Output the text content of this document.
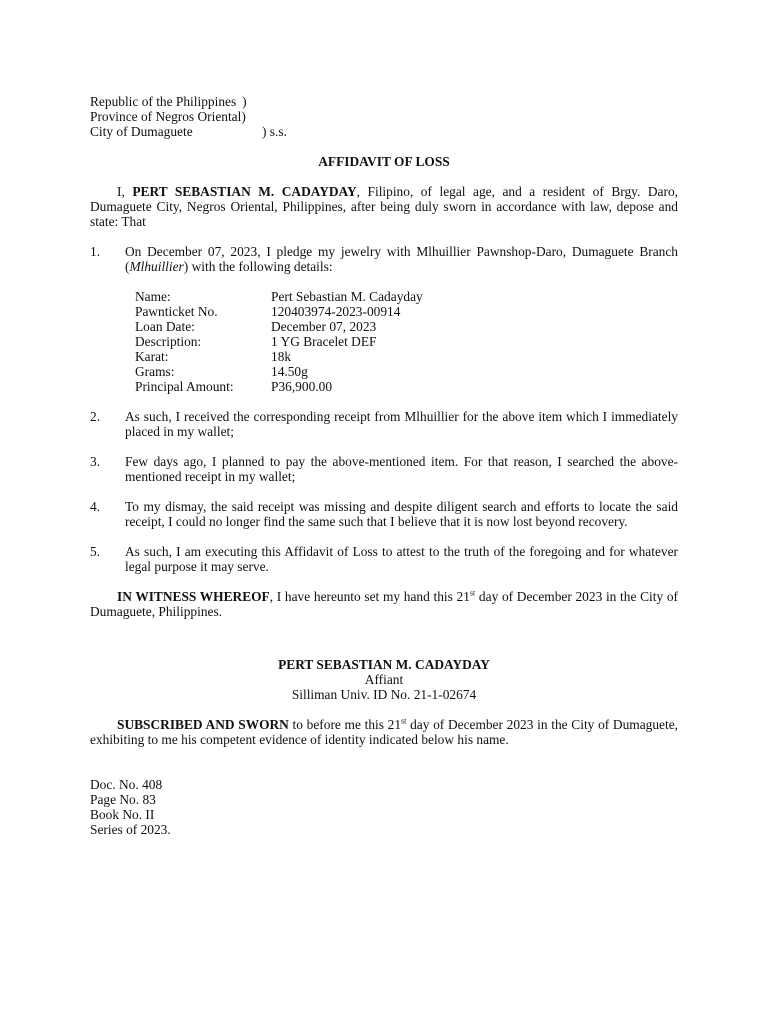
Republic of the Philippines )
Province of Negros Oriental)
City of Dumaguete	) s.s.
AFFIDAVIT OF LOSS
I, PERT SEBASTIAN M. CADAYDAY, Filipino, of legal age, and a resident of Brgy. Daro, Dumaguete City, Negros Oriental, Philippines, after being duly sworn in accordance with law, depose and state: That
1.	On December 07, 2023, I pledge my jewelry with Mlhuillier Pawnshop-Daro, Dumaguete Branch (Mlhuillier) with the following details:
Name:	Pert Sebastian M. Cadayday
Pawnticket No.	120403974-2023-00914
Loan Date:	December 07, 2023
Description:	1 YG Bracelet DEF
Karat:	18k
Grams:	14.50g
Principal Amount:	P36,900.00
2.	As such, I received the corresponding receipt from Mlhuillier for the above item which I immediately placed in my wallet;
3.	Few days ago, I planned to pay the above-mentioned item. For that reason, I searched the above-mentioned receipt in my wallet;
4.	To my dismay, the said receipt was missing and despite diligent search and efforts to locate the said receipt, I could no longer find the same such that I believe that it is now lost beyond recovery.
5.	As such, I am executing this Affidavit of Loss to attest to the truth of the foregoing and for whatever legal purpose it may serve.
IN WITNESS WHEREOF, I have hereunto set my hand this 21st day of December 2023 in the City of Dumaguete, Philippines.
PERT SEBASTIAN M. CADAYDAY
Affiant
Silliman Univ. ID No. 21-1-02674
SUBSCRIBED AND SWORN to before me this 21st day of December 2023 in the City of Dumaguete, exhibiting to me his competent evidence of identity indicated below his name.
Doc. No. 408
Page No. 83
Book No. II
Series of 2023.
